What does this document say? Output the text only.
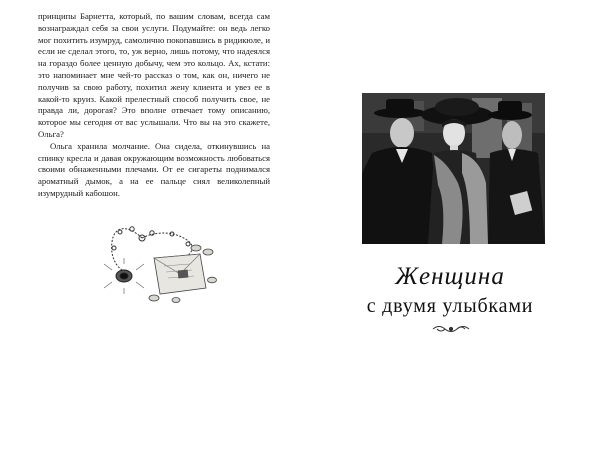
принципы Барнетта, который, по вашим словам, всегда сам вознаграждал себя за свои услуги. Подумайте: он ведь легко мог похитить изумруд, самолично покопавшись в ридикюле, и если не сделал этого, то, уж верно, лишь потому, что надеялся на гораздо более ценную добычу, чем это кольцо. Ах, кстати: это напоминает мне чей-то рассказ о том, как он, ничего не получив за свою работу, похитил жену клиента и увез ее в какой-то круиз. Какой прелестный способ получить свое, не правда ли, дорогая? Это вполне отвечает тому описанию, которое мы сегодня от вас услышали. Что вы на это скажете, Ольга?

Ольга хранила молчание. Она сидела, откинувшись на спинку кресла и давая окружающим возможность любоваться своими обнаженными плечами. От ее сигареты поднимался ароматный дымок, а на ее пальце сиял великолепный изумрудный кабошон.

Женщина
с двумя улыбками
